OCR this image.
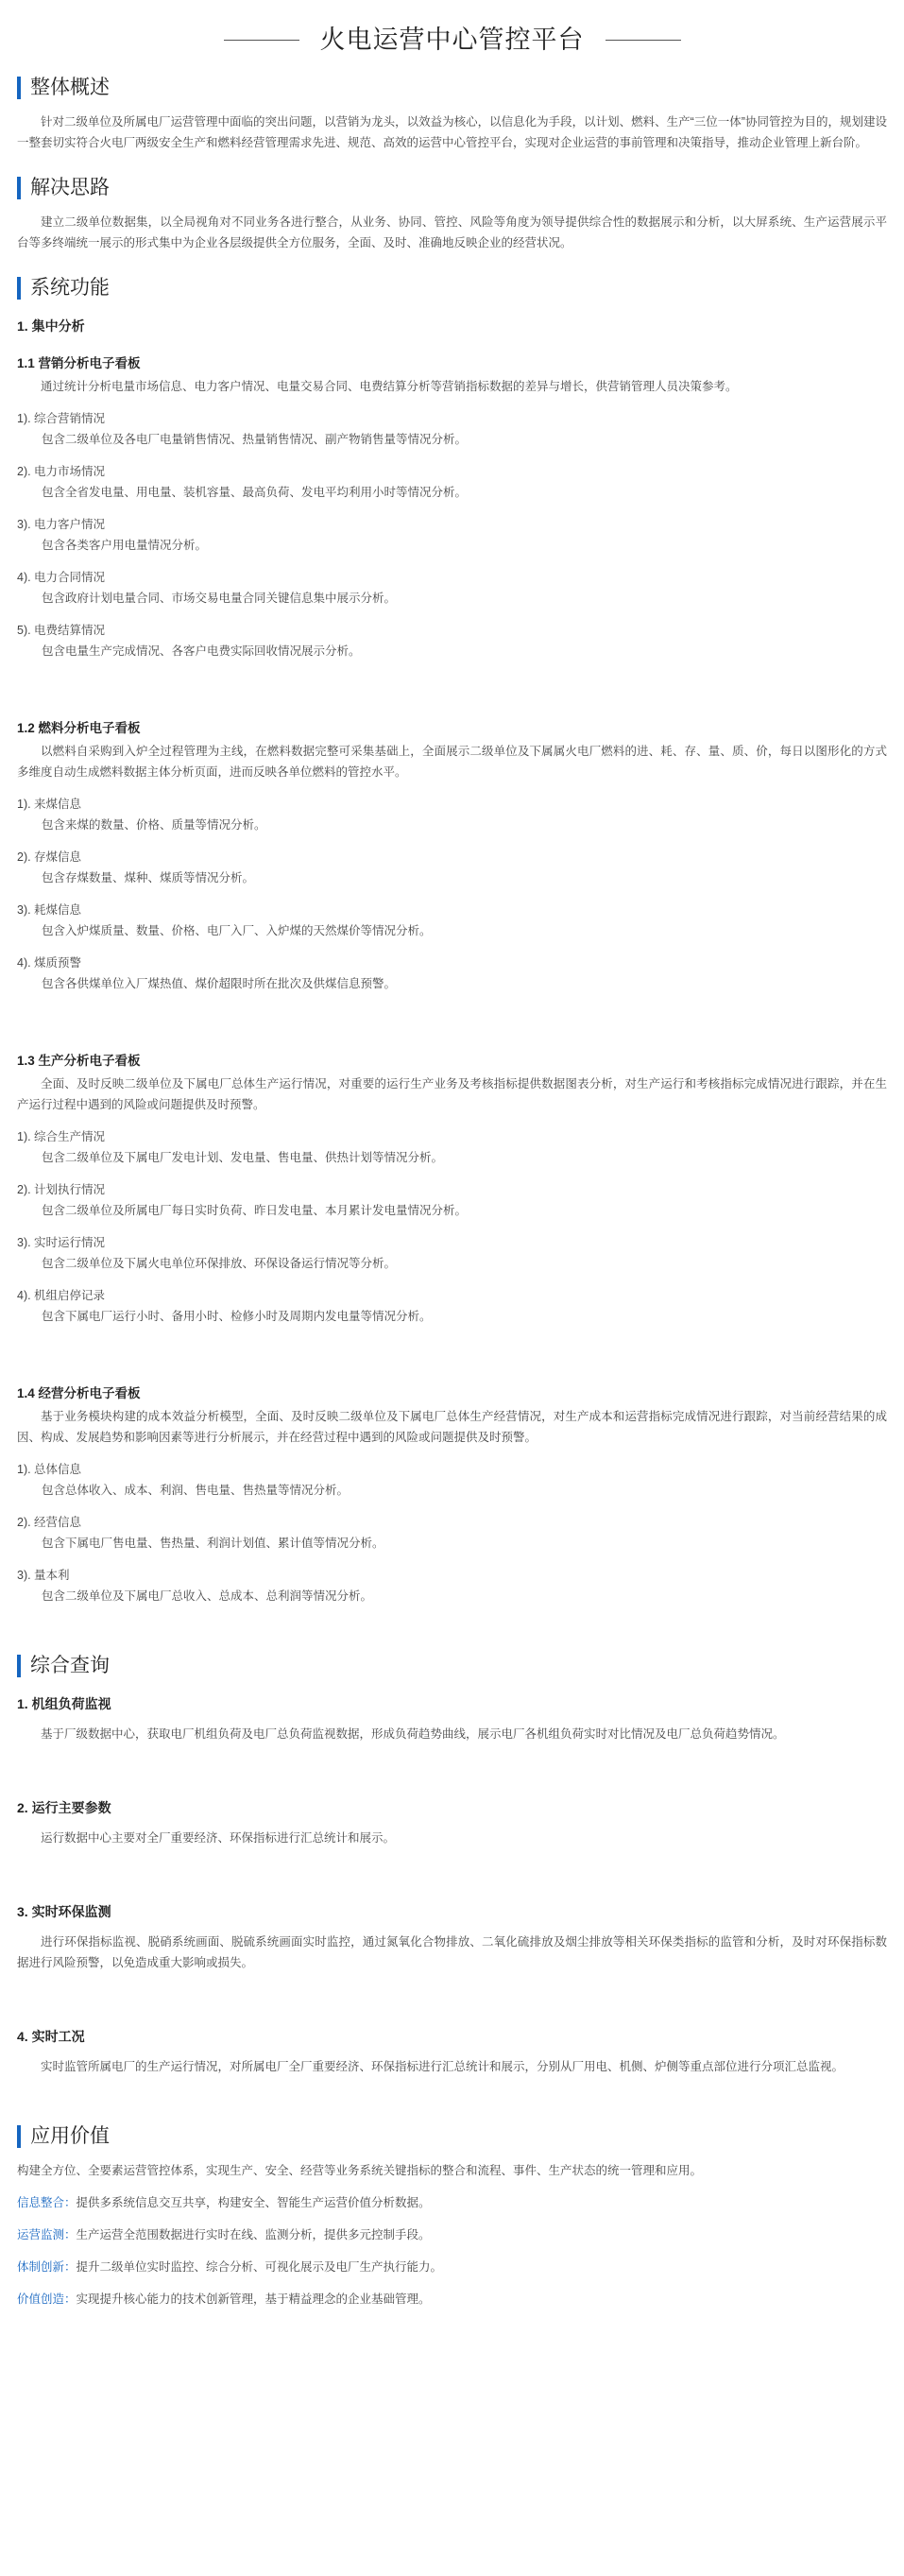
火电运营中心管控平台
整体概述

针对二级单位及所属电厂运营管理中面临的突出问题，以营销为龙头，以效益为核心，以信息化为手段，以计划、燃料、生产“三位一体”协同管控为目的，规划建设一整套切实符合火电厂两级安全生产和燃料经营管理需求先进、规范、高效的运营中心管控平台，实现对企业运营的事前管理和决策指导，推动企业管理上新台阶。

解决思路

建立二级单位数据集，以全局视角对不同业务各进行整合，从业务、协同、管控、风险等角度为领导提供综合性的数据展示和分析，以大屏系统、生产运营展示平台等多终端统一展示的形式集中为企业各层级提供全方位服务，全面、及时、准确地反映企业的经营状况。

系统功能
1. 集中分析
1.1 营销分析电子看板

通过统计分析电量市场信息、电力客户情况、电量交易合同、电费结算分析等营销指标数据的差异与增长，供营销管理人员决策参考。

1). 综合营销情况
包含二级单位及各电厂电量销售情况、热量销售情况、副产物销售量等情况分析。
2). 电力市场情况
包含全省发电量、用电量、装机容量、最高负荷、发电平均利用小时等情况分析。
3). 电力客户情况
包含各类客户用电量情况分析。
4). 电力合同情况
包含政府计划电量合同、市场交易电量合同关键信息集中展示分析。
5). 电费结算情况
包含电量生产完成情况、各客户电费实际回收情况展示分析。
1.2 燃料分析电子看板

以燃料自采购到入炉全过程管理为主线，在燃料数据完整可采集基础上，全面展示二级单位及下属属火电厂燃料的进、耗、存、量、质、价，每日以图形化的方式多维度自动生成燃料数据主体分析页面，进而反映各单位燃料的管控水平。

1). 来煤信息
包含来煤的数量、价格、质量等情况分析。
2). 存煤信息
包含存煤数量、煤种、煤质等情况分析。
3). 耗煤信息
包含入炉煤质量、数量、价格、电厂入厂、入炉煤的天然煤价等情况分析。
4). 煤质预警
包含各供煤单位入厂煤热值、煤价超限时所在批次及供煤信息预警。
1.3 生产分析电子看板

全面、及时反映二级单位及下属电厂总体生产运行情况，对重要的运行生产业务及考核指标提供数据图表分析，对生产运行和考核指标完成情况进行跟踪，并在生产运行过程中遇到的风险或问题提供及时预警。

1). 综合生产情况
包含二级单位及下属电厂发电计划、发电量、售电量、供热计划等情况分析。
2). 计划执行情况
包含二级单位及所属电厂每日实时负荷、昨日发电量、本月累计发电量情况分析。
3). 实时运行情况
包含二级单位及下属火电单位环保排放、环保设备运行情况等分析。
4). 机组启停记录
包含下属电厂运行小时、备用小时、检修小时及周期内发电量等情况分析。
1.4 经营分析电子看板

基于业务模块构建的成本效益分析模型，全面、及时反映二级单位及下属电厂总体生产经营情况，对生产成本和运营指标完成情况进行跟踪，对当前经营结果的成因、构成、发展趋势和影响因素等进行分析展示，并在经营过程中遇到的风险或问题提供及时预警。

1). 总体信息
包含总体收入、成本、利润、售电量、售热量等情况分析。
2). 经营信息
包含下属电厂售电量、售热量、利润计划值、累计值等情况分析。
3). 量本利
包含二级单位及下属电厂总收入、总成本、总利润等情况分析。
综合查询
1. 机组负荷监视

基于厂级数据中心，获取电厂机组负荷及电厂总负荷监视数据，形成负荷趋势曲线，展示电厂各机组负荷实时对比情况及电厂总负荷趋势情况。

2. 运行主要参数

运行数据中心主要对全厂重要经济、环保指标进行汇总统计和展示。

3. 实时环保监测

进行环保指标监视、脱硝系统画面、脱硫系统画面实时监控，通过氮氧化合物排放、二氧化硫排放及烟尘排放等相关环保类指标的监管和分析，及时对环保指标数据进行风险预警，以免造成重大影响或损失。

4. 实时工况

实时监管所属电厂的生产运行情况，对所属电厂全厂重要经济、环保指标进行汇总统计和展示，分别从厂用电、机侧、炉侧等重点部位进行分项汇总监视。

应用价值

构建全方位、全要素运营管控体系，实现生产、安全、经营等业务系统关键指标的整合和流程、事件、生产状态的统一管理和应用。

信息整合：提供多系统信息交互共享，构建安全、智能生产运营价值分析数据。
运营监测：生产运营全范围数据进行实时在线、监测分析，提供多元控制手段。
体制创新：提升二级单位实时监控、综合分析、可视化展示及电厂生产执行能力。
价值创造：实现提升核心能力的技术创新管理，基于精益理念的企业基础管理。
